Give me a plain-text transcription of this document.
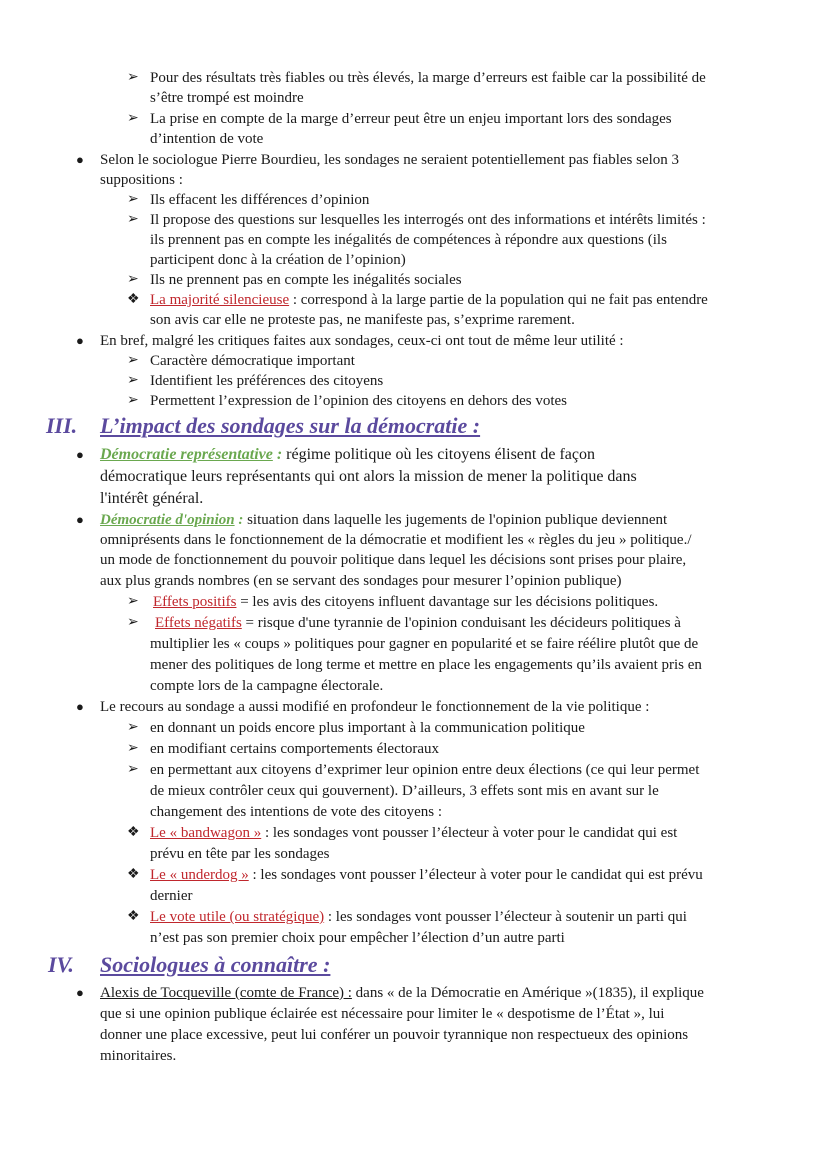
➢ Pour des résultats très fiables ou très élevés, la marge d’erreurs est faible car la possibilité de
s’être trompé est moindre
➢ La prise en compte de la marge d’erreur peut être un enjeu important lors des sondages
d’intention de vote
● Selon le sociologue Pierre Bourdieu, les sondages ne seraient potentiellement pas fiables selon 3
suppositions :
➢ Ils effacent les différences d’opinion
➢ Il propose des questions sur lesquelles les interrogés ont des informations et intérêts limités :
ils prennent pas en compte les inégalités de compétences à répondre aux questions (ils
participent donc à la création de l’opinion)
➢ Ils ne prennent pas en compte les inégalités sociales
❖ La majorité silencieuse : correspond à la large partie de la population qui ne fait pas entendre
son avis car elle ne proteste pas, ne manifeste pas, s’exprime rarement.
● En bref, malgré les critiques faites aux sondages, ceux-ci ont tout de même leur utilité :
➢ Caractère démocratique important
➢ Identifient les préférences des citoyens
➢ Permettent l’expression de l’opinion des citoyens en dehors des votes
III. L’impact des sondages sur la démocratie :
● Démocratie représentative : régime politique où les citoyens élisent de façon
démocratique leurs représentants qui ont alors la mission de mener la politique dans
l'intérêt général.
● Démocratie d'opinion : situation dans laquelle les jugements de l'opinion publique deviennent
omniprésents dans le fonctionnement de la démocratie et modifient les « règles du jeu » politique./
un mode de fonctionnement du pouvoir politique dans lequel les décisions sont prises pour plaire,
aux plus grands nombres (en se servant des sondages pour mesurer l’opinion publique)
➢ Effets positifs = les avis des citoyens influent davantage sur les décisions politiques.
➢ Effets négatifs = risque d'une tyrannie de l'opinion conduisant les décideurs politiques à
multiplier les « coups » politiques pour gagner en popularité et se faire réélire plutôt que de
mener des politiques de long terme et mettre en place les engagements qu’ils avaient pris en
compte lors de la campagne électorale.
● Le recours au sondage a aussi modifié en profondeur le fonctionnement de la vie politique :
➢ en donnant un poids encore plus important à la communication politique
➢ en modifiant certains comportements électoraux
➢ en permettant aux citoyens d’exprimer leur opinion entre deux élections (ce qui leur permet
de mieux contrôler ceux qui gouvernent). D’ailleurs, 3 effets sont mis en avant sur le
changement des intentions de vote des citoyens :
❖ Le « bandwagon » : les sondages vont pousser l’électeur à voter pour le candidat qui est
prévu en tête par les sondages
❖ Le « underdog » : les sondages vont pousser l’électeur à voter pour le candidat qui est prévu
dernier
❖ Le vote utile (ou stratégique) : les sondages vont pousser l’électeur à soutenir un parti qui
n’est pas son premier choix pour empêcher l’élection d’un autre parti
IV. Sociologues à connaître :
● Alexis de Tocqueville (comte de France) : dans « de la Démocratie en Amérique »(1835), il explique
que si une opinion publique éclairée est nécessaire pour limiter le « despotisme de l’État », lui
donner une place excessive, peut lui conférer un pouvoir tyrannique non respectueux des opinions
minoritaires.
